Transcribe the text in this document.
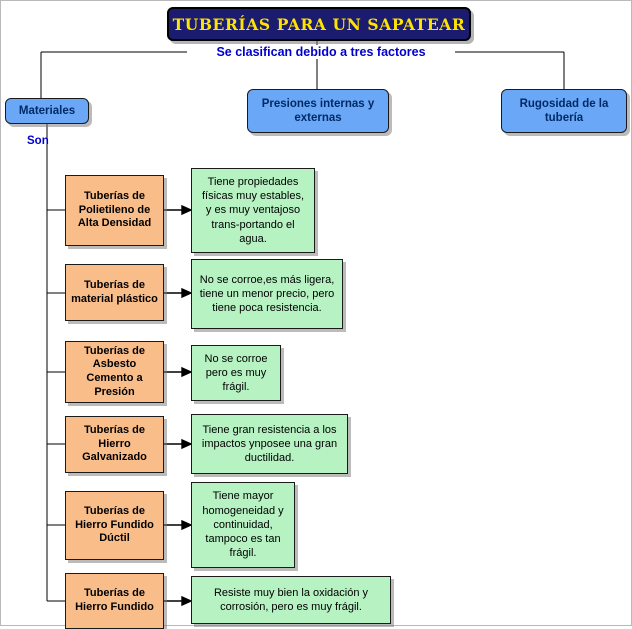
TUBERÍAS PARA UN SAPATEAR
Se clasifican debido a tres factores
Materiales
Presiones internas y externas
Rugosidad de la tubería
Son
Tuberías de Polietileno de Alta Densidad
Tiene propiedades físicas muy estables, y es muy ventajoso trans-portando el agua.
Tuberías de material plástico
No se corroe,es más ligera, tiene un menor precio, pero tiene poca resistencia.
Tuberías de Asbesto Cemento a Presión
No se corroe pero es muy frágil.
Tuberías de Hierro Galvanizado
Tiene gran resistencia a los impactos ynposee una gran ductilidad.
Tuberías de Hierro Fundido Dúctil
Tiene mayor homogeneidad y continuidad, tampoco es tan frágil.
Tuberías de Hierro Fundido
Resiste muy bien la oxidación y corrosión, pero es muy frágil.
